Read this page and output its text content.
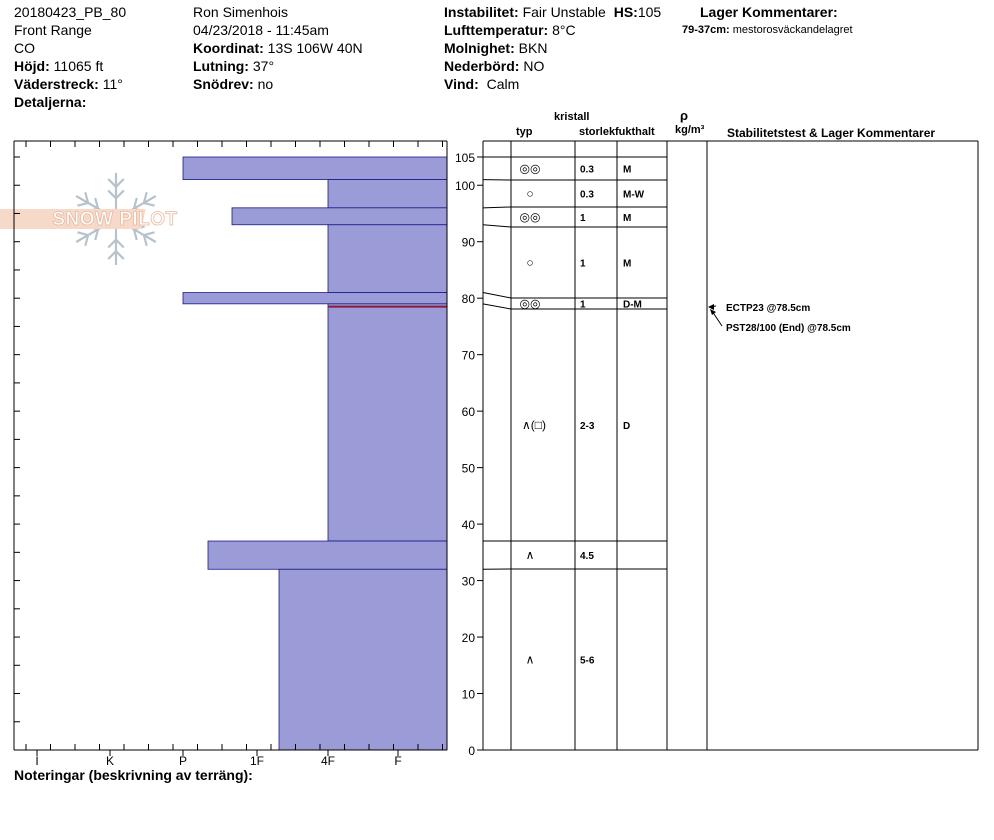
20180423_PB_80
Front Range
CO
Höjd: 11065 ft
Väderstreck: 11°
Detaljerna:
Ron Simenhois
04/23/2018 - 11:45am
Koordinat: 13S 106W 40N
Lutning: 37°
Snödrev: no
Instabilitet: Fair Unstable HS:105
Lufttemperatur: 8°C
Molnighet: BKN
Nederbörd: NO
Vind: Calm
Lager Kommentarer:
79-37cm: mestorosväckandelagret
kristall
typ	storlek fukthalt
ρ
kg/m³ Stabilitetstest & Lager Kommentarer
Noteringar (beskrivning av terräng):
SNOW PILOT
I	K	P	1F	4F	F
0
10
20
30
40
50
60
70
80
90
100
105
◎◎	0.3	M
○	0.3	M-W
◎◎	1	M
○	1	M
◎◎	1	D-M
∧(□)	2-3	D
∧	4.5
∧	5-6
ECTP23 @78.5cm
PST28/100 (End) @78.5cm
